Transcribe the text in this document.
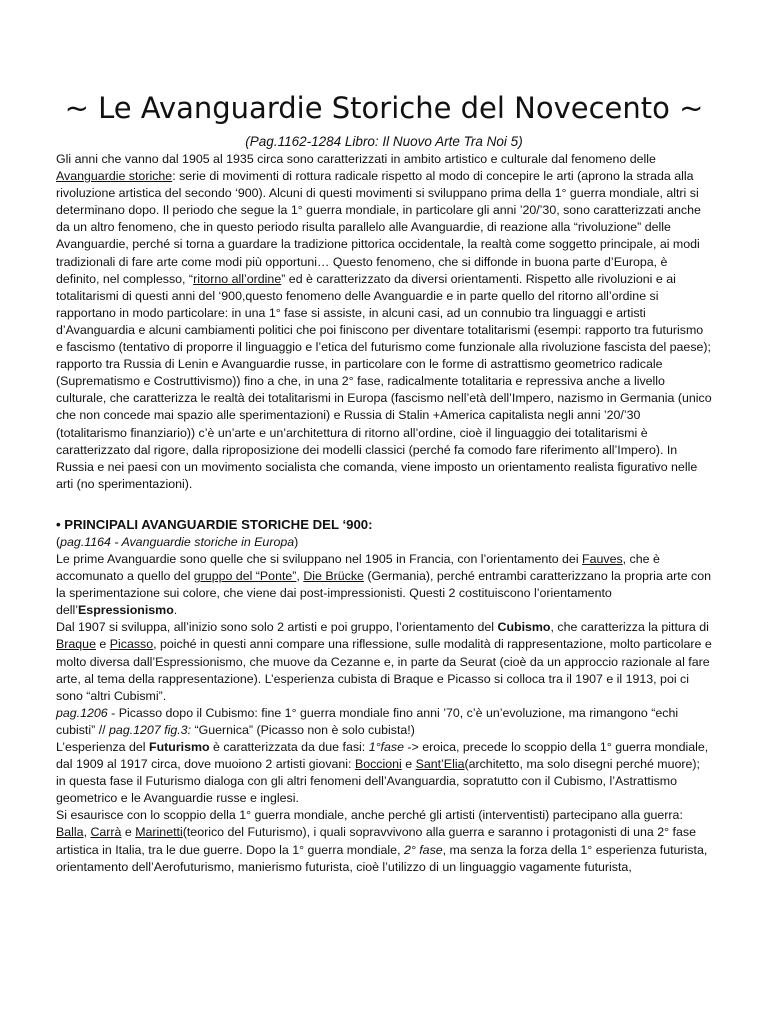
~ Le Avanguardie Storiche del Novecento ~

(Pag.1162-1284 Libro: Il Nuovo Arte Tra Noi 5)

Gli anni che vanno dal 1905 al 1935 circa sono caratterizzati in ambito artistico e culturale dal fenomeno delle Avanguardie storiche: serie di movimenti di rottura radicale rispetto al modo di concepire le arti (aprono la strada alla rivoluzione artistica del secondo ‘900). Alcuni di questi movimenti si sviluppano prima della 1° guerra mondiale, altri si determinano dopo. Il periodo che segue la 1° guerra mondiale, in particolare gli anni ’20/’30, sono caratterizzati anche da un altro fenomeno, che in questo periodo risulta parallelo alle Avanguardie, di reazione alla “rivoluzione” delle Avanguardie, perché si torna a guardare la tradizione pittorica occidentale, la realtà come soggetto principale, ai modi tradizionali di fare arte come modi più opportuni… Questo fenomeno, che si diffonde in buona parte d’Europa, è definito, nel complesso, “ritorno all’ordine” ed è caratterizzato da diversi orientamenti. Rispetto alle rivoluzioni e ai totalitarismi di questi anni del ‘900,questo fenomeno delle Avanguardie e in parte quello del ritorno all’ordine si rapportano in modo particolare: in una 1° fase si assiste, in alcuni casi, ad un connubio tra linguaggi e artisti d’Avanguardia e alcuni cambiamenti politici che poi finiscono per diventare totalitarismi (esempi: rapporto tra futurismo e fascismo (tentativo di proporre il linguaggio e l’etica del futurismo come funzionale alla rivoluzione fascista del paese); rapporto tra Russia di Lenin e Avanguardie russe, in particolare con le forme di astrattismo geometrico radicale (Suprematismo e Costruttivismo)) fino a che, in una 2° fase, radicalmente totalitaria e repressiva anche a livello culturale, che caratterizza le realtà dei totalitarismi in Europa (fascismo nell’età dell’Impero, nazismo in Germania (unico che non concede mai spazio alle sperimentazioni) e Russia di Stalin +America capitalista negli anni ’20/’30 (totalitarismo finanziario)) c’è un’arte e un’architettura di ritorno all’ordine, cioè il linguaggio dei totalitarismi è caratterizzato dal rigore, dalla riproposizione dei modelli classici (perché fa comodo fare riferimento all’Impero). In Russia e nei paesi con un movimento socialista che comanda, viene imposto un orientamento realista figurativo nelle arti (no sperimentazioni).

• PRINCIPALI AVANGUARDIE STORICHE DEL ‘900:

(pag.1164 - Avanguardie storiche in Europa)

Le prime Avanguardie sono quelle che si sviluppano nel 1905 in Francia, con l’orientamento dei Fauves, che è accomunato a quello del gruppo del “Ponte”, Die Brücke (Germania), perché entrambi caratterizzano la propria arte con la sperimentazione sui colore, che viene dai post-impressionisti. Questi 2 costituiscono l’orientamento dell’Espressionismo.

Dal 1907 si sviluppa, all’inizio sono solo 2 artisti e poi gruppo, l’orientamento del Cubismo, che caratterizza la pittura di Braque e Picasso, poiché in questi anni compare una riflessione, sulle modalità di rappresentazione, molto particolare e molto diversa dall’Espressionismo, che muove da Cezanne e, in parte da Seurat (cioè da un approccio razionale al fare arte, al tema della rappresentazione). L’esperienza cubista di Braque e Picasso si colloca tra il 1907 e il 1913, poi ci sono “altri Cubismi”.

pag.1206 - Picasso dopo il Cubismo: fine 1° guerra mondiale fino anni ’70, c’è un’evoluzione, ma rimangono “echi cubisti” // pag.1207 fig.3: “Guernica” (Picasso non è solo cubista!)

L’esperienza del Futurismo è caratterizzata da due fasi: 1°fase -> eroica, precede lo scoppio della 1° guerra mondiale, dal 1909 al 1917 circa, dove muoiono 2 artisti giovani: Boccioni e Sant’Elia(architetto, ma solo disegni perché muore); in questa fase il Futurismo dialoga con gli altri fenomeni dell’Avanguardia, sopratutto con il Cubismo, l’Astrattismo geometrico e le Avanguardie russe e inglesi.

Si esaurisce con lo scoppio della 1° guerra mondiale, anche perché gli artisti (interventisti) partecipano alla guerra: Balla, Carrà e Marinetti(teorico del Futurismo), i quali sopravvivono alla guerra e saranno i protagonisti di una 2° fase artistica in Italia, tra le due guerre. Dopo la 1° guerra mondiale, 2° fase, ma senza la forza della 1° esperienza futurista, orientamento dell’Aerofuturismo, manierismo futurista, cioè l’utilizzo di un linguaggio vagamente futurista,
